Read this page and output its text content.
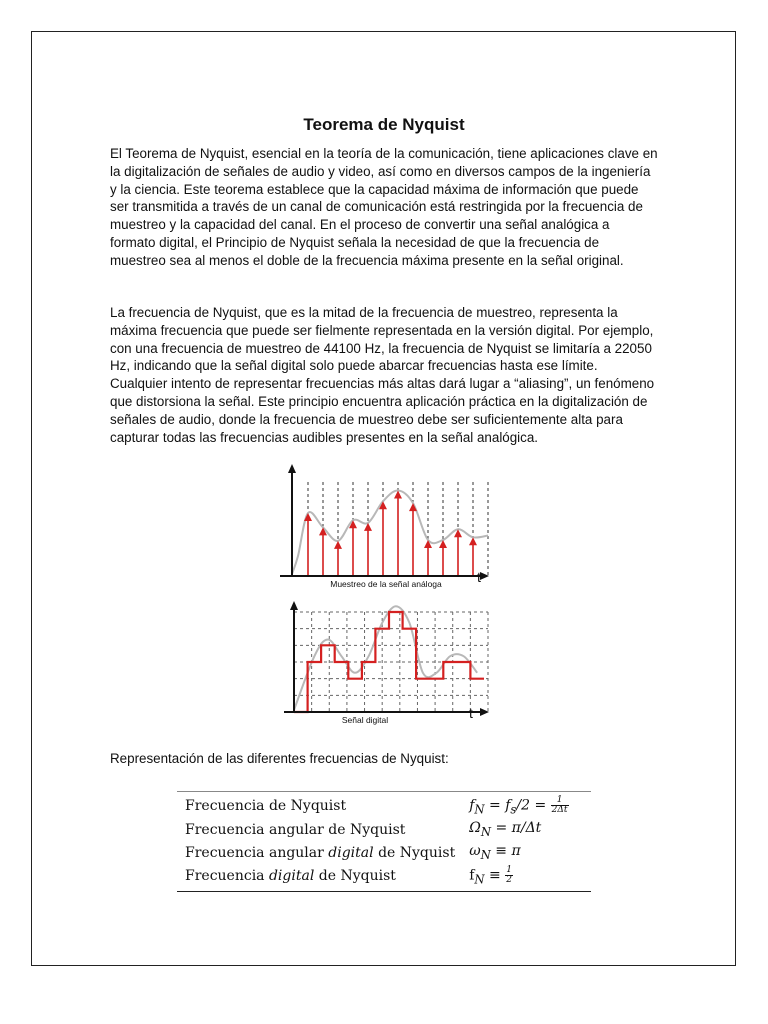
Teorema de Nyquist

El Teorema de Nyquist, esencial en la teoría de la comunicación, tiene aplicaciones clave en la digitalización de señales de audio y video, así como en diversos campos de la ingeniería y la ciencia. Este teorema establece que la capacidad máxima de información que puede ser transmitida a través de un canal de comunicación está restringida por la frecuencia de muestreo y la capacidad del canal. En el proceso de convertir una señal analógica a formato digital, el Principio de Nyquist señala la necesidad de que la frecuencia de muestreo sea al menos el doble de la frecuencia máxima presente en la señal original.

La frecuencia de Nyquist, que es la mitad de la frecuencia de muestreo, representa la máxima frecuencia que puede ser fielmente representada en la versión digital. Por ejemplo, con una frecuencia de muestreo de 44100 Hz, la frecuencia de Nyquist se limitaría a 22050 Hz, indicando que la señal digital solo puede abarcar frecuencias hasta ese límite. Cualquier intento de representar frecuencias más altas dará lugar a “aliasing”, un fenómeno que distorsiona la señal. Este principio encuentra aplicación práctica en la digitalización de señales de audio, donde la frecuencia de muestreo debe ser suficientemente alta para capturar todas las frecuencias audibles presentes en la señal analógica.

t
Muestreo de la señal análoga
t
Señal digital

Representación de las diferentes frecuencias de Nyquist:

Frecuencia de Nyquist	$f_N = f_s/2 = \frac{1}{2\Delta t}$

Frecuencia angular de Nyquist	$\Omega_N = \pi/\Delta t$
Frecuencia angular digital de Nyquist	$\omega_N \equiv \pi$
Frecuencia digital de Nyquist	$f_N \equiv \frac{1}{2}$
